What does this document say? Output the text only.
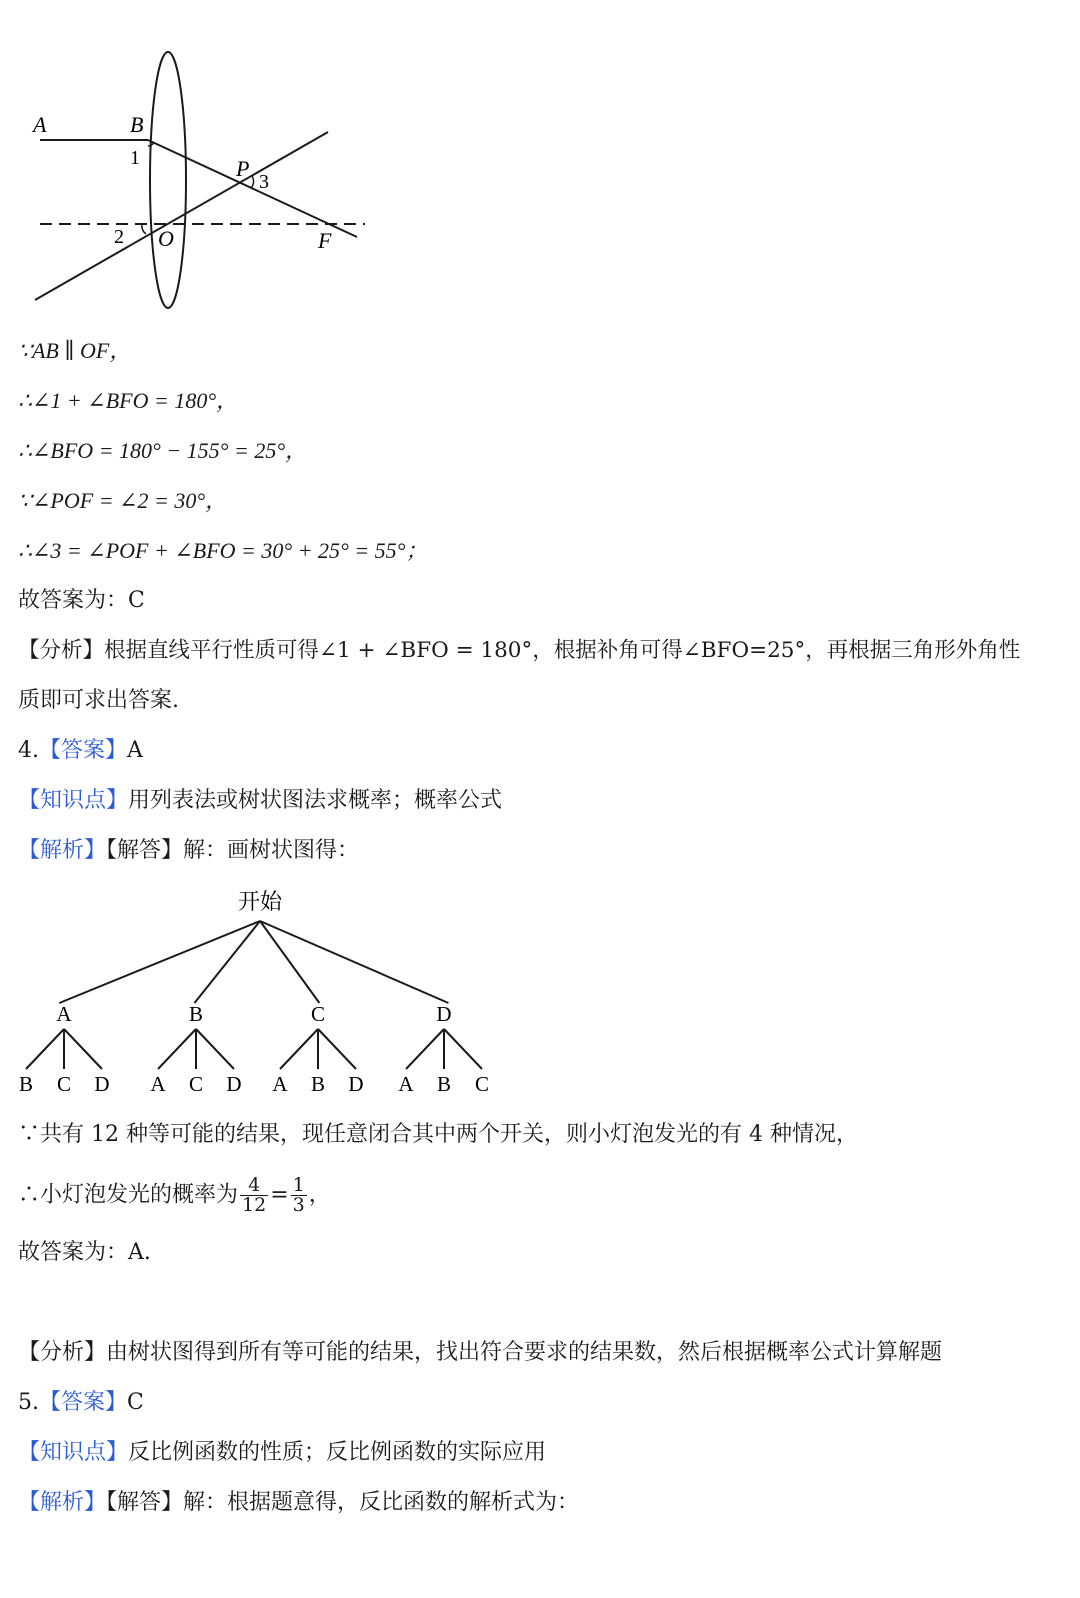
A	B
1	P
3
2 O	F
∵AB ∥ OF，
∴∠1 + ∠BFO = 180°，
∴∠BFO = 180° − 155° = 25°，
∵∠POF = ∠2 = 30°，
∴∠3 = ∠POF + ∠BFO = 30° + 25° = 55°；
故答案为：C
【分析】根据直线平行性质可得∠1 + ∠BFO = 180°，根据补角可得∠BFO=25°，再根据三角形外角性
质即可求出答案.
4.【答案】A
【知识点】用列表法或树状图法求概率；概率公式
【解析】【解答】解：画树状图得：
开始
A
B C D
B
A C D
C
A B D
D
A B C
∵共有 12 种等可能的结果，现任意闭合其中两个开关，则小灯泡发光的有 4 种情况，
∴小灯泡发光的概率为 $\frac{4}{12} = \frac{1}{3}$ ，
故答案为：A.
【分析】由树状图得到所有等可能的结果，找出符合要求的结果数，然后根据概率公式计算解题
5.【答案】C
【知识点】反比例函数的性质；反比例函数的实际应用
【解析】【解答】解：根据题意得，反比函数的解析式为：
